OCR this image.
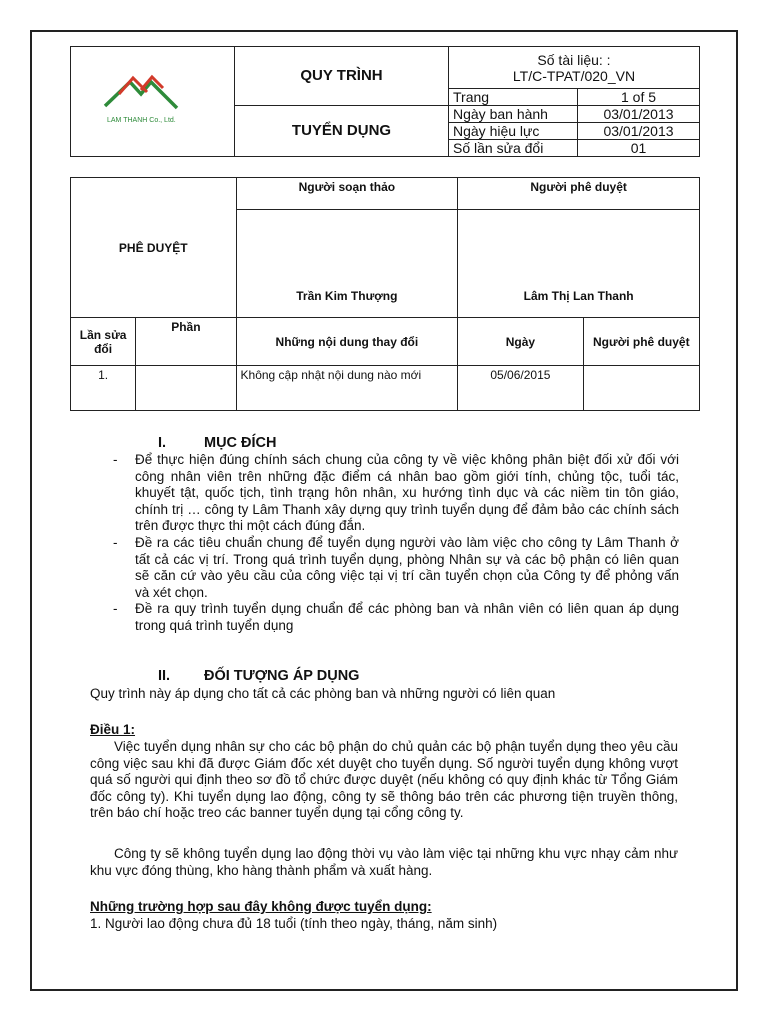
LAM THANH Co., Ltd.	QUY TRÌNH	Số tài liệu: :
LT/C-TPAT/020_VN	

		Trang	1 of 5
	TUYỂN DỤNG	Ngày ban hành	03/01/2013
		Ngày hiệu lực	03/01/2013
		Số lần sửa đổi	01
PHÊ DUYỆT		Người soạn thảo	Người phê duyệt	
		Trần Kim Thượng	Lâm Thị Lan Thanh	
Lần sửa đổi	Phần	Những nội dung thay đổi	Ngày	Người phê duyệt
1.		Không cập nhật nội dung nào mới	05/06/2015	
I.	MỤC ĐÍCH
- Để thực hiện đúng chính sách chung của công ty về việc không phân biệt đối xử đối với công nhân viên trên những đặc điểm cá nhân bao gồm giới tính, chủng tộc, tuổi tác, khuyết tật, quốc tịch, tình trạng hôn nhân, xu hướng tình dục và các niềm tin tôn giáo, chính trị … công ty Lâm Thanh xây dựng quy trình tuyển dụng để đảm bảo các chính sách trên được thực thi một cách đúng đắn.
- Đề ra các tiêu chuẩn chung để tuyển dụng người vào làm việc cho công ty Lâm Thanh ở tất cả các vị trí. Trong quá trình tuyển dụng, phòng Nhân sự và các bộ phận có liên quan sẽ căn cứ vào yêu cầu của công việc tại vị trí cần tuyển chọn của Công ty để phỏng vấn và xét chọn.
- Đề ra quy trình tuyển dụng chuẩn để các phòng ban và nhân viên có liên quan áp dụng trong quá trình tuyển dụng
II. ĐỐI TƯỢNG ÁP DỤNG
Quy trình này áp dụng cho tất cả các phòng ban và những người có liên quan
Điều 1:
Việc tuyển dụng nhân sự cho các bộ phận do chủ quản các bộ phận tuyển dụng theo yêu cầu công việc sau khi đã được Giám đốc xét duyệt cho tuyển dụng. Số người tuyển dụng không vượt quá số người qui định theo sơ đồ tổ chức được duyệt (nếu không có quy định khác từ Tổng Giám đốc công ty). Khi tuyển dụng lao động, công ty sẽ thông báo trên các phương tiện truyền thông, trên báo chí hoặc treo các banner tuyển dụng tại cổng công ty.
Công ty sẽ không tuyển dụng lao động thời vụ vào làm việc tại những khu vực nhạy cảm như khu vực đóng thùng, kho hàng thành phẩm và xuất hàng.
Những trường hợp sau đây không được tuyển dụng:
1. Người lao động chưa đủ 18 tuổi (tính theo ngày, tháng, năm sinh)
